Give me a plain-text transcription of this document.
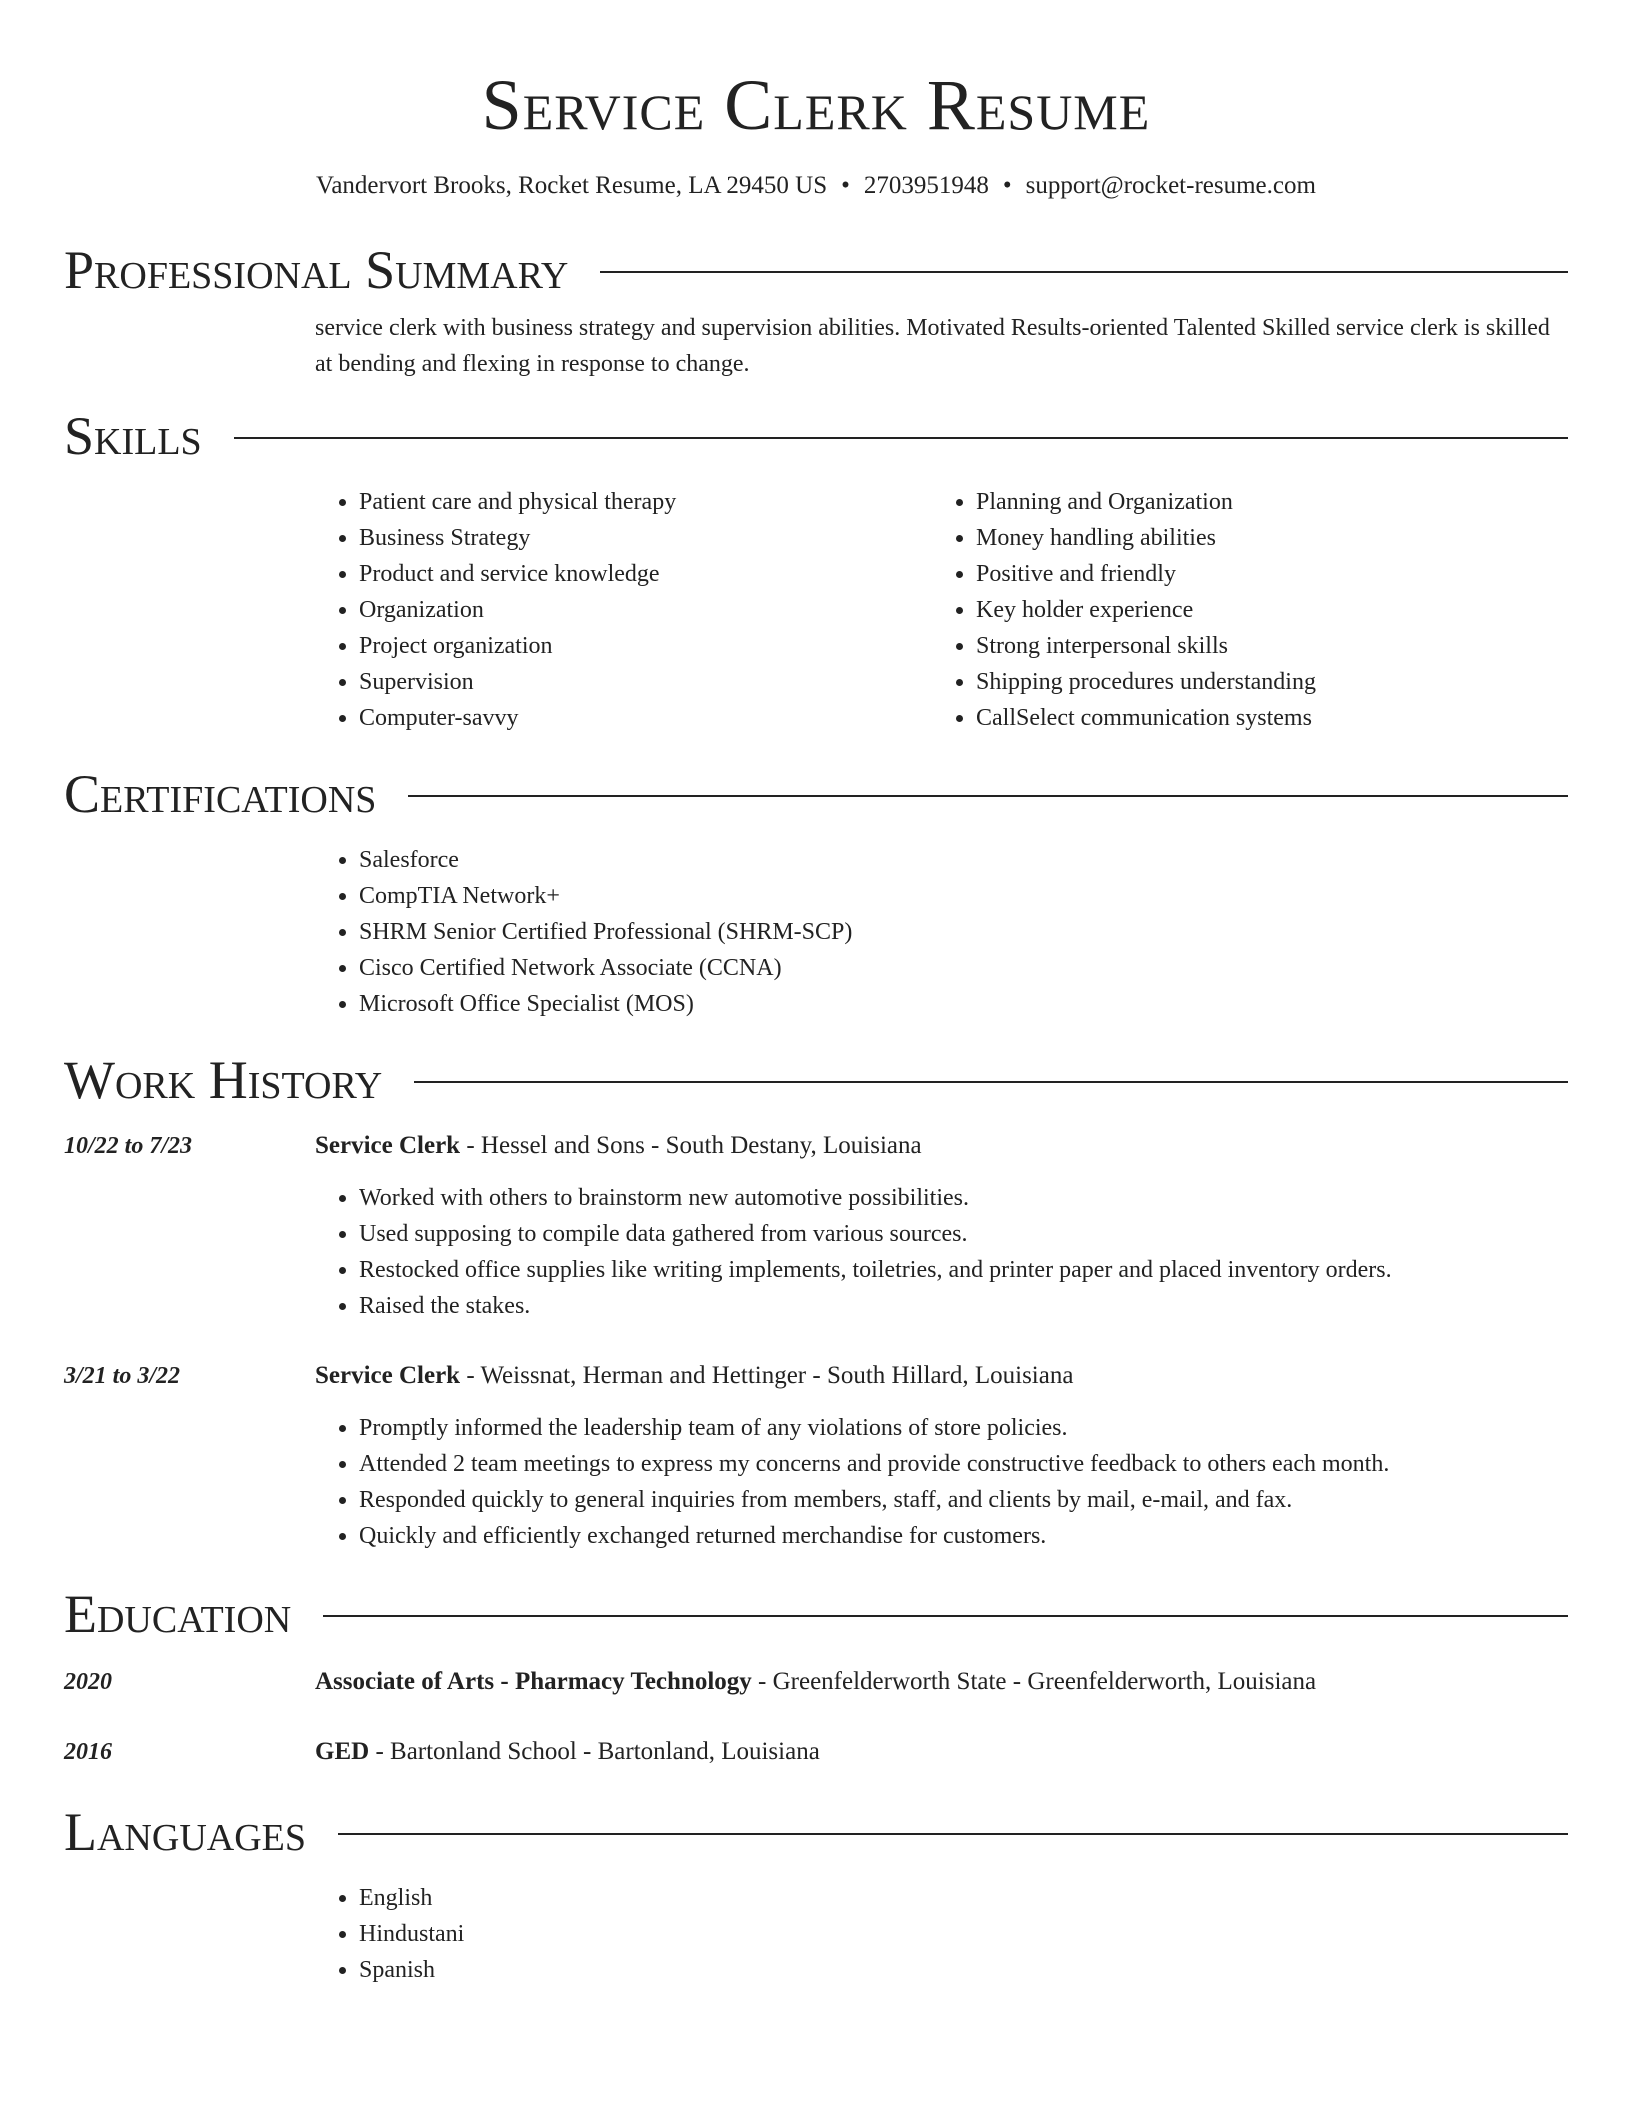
Service Clerk Resume
Vandervort Brooks, Rocket Resume, LA 29450 US • 2703951948 • support@rocket-resume.com
Professional Summary

service clerk with business strategy and supervision abilities. Motivated Results-oriented Talented Skilled service clerk is skilled at bending and flexing in response to change.

Skills
• Patient care and physical therapy
• Business Strategy
• Product and service knowledge
• Organization
• Project organization
• Supervision
• Computer-savvy
• Planning and Organization
• Money handling abilities
• Positive and friendly
• Key holder experience
• Strong interpersonal skills
• Shipping procedures understanding
• CallSelect communication systems
Certifications
• Salesforce
• CompTIA Network+
• SHRM Senior Certified Professional (SHRM-SCP)
• Cisco Certified Network Associate (CCNA)
• Microsoft Office Specialist (MOS)
Work History
10/22 to 7/23	Service Clerk - Hessel and Sons - South Destany, Louisiana
• Worked with others to brainstorm new automotive possibilities.
• Used supposing to compile data gathered from various sources.
• Restocked office supplies like writing implements, toiletries, and printer paper and placed inventory orders.
• Raised the stakes.
3/21 to 3/22	Service Clerk - Weissnat, Herman and Hettinger - South Hillard, Louisiana
• Promptly informed the leadership team of any violations of store policies.
• Attended 2 team meetings to express my concerns and provide constructive feedback to others each month.
• Responded quickly to general inquiries from members, staff, and clients by mail, e-mail, and fax.
• Quickly and efficiently exchanged returned merchandise for customers.
Education
2020	Associate of Arts - Pharmacy Technology - Greenfelderworth State - Greenfelderworth, Louisiana
2016	GED - Bartonland School - Bartonland, Louisiana
Languages
• English
• Hindustani
• Spanish
